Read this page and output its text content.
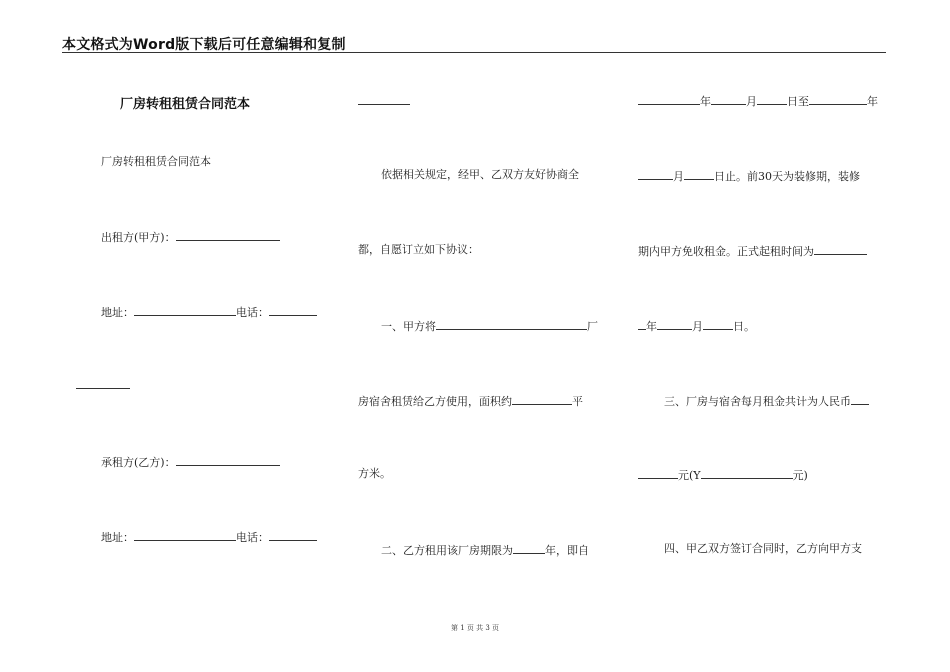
本文格式为Word版下载后可任意编辑和复制
厂房转租租赁合同范本
厂房转租租赁合同范本
出租方(甲方)：
地址：	电话：
承租方(乙方)：
地址：	电话：
依据相关规定，经甲、乙双方友好协商全
都，自愿订立如下协议：
一、甲方将	厂
房宿舍租赁给乙方使用，面积约	平
方米。
二、乙方租用该厂房期限为	年，即自
年	月	日至	年
月	日止。前30天为装修期，装修
期内甲方免收租金。正式起租时间为
年	月	日。
三、厂房与宿舍每月租金共计为人民币
元(Y	元)
四、甲乙双方签订合同时，乙方向甲方支
第 1 页 共 3 页
